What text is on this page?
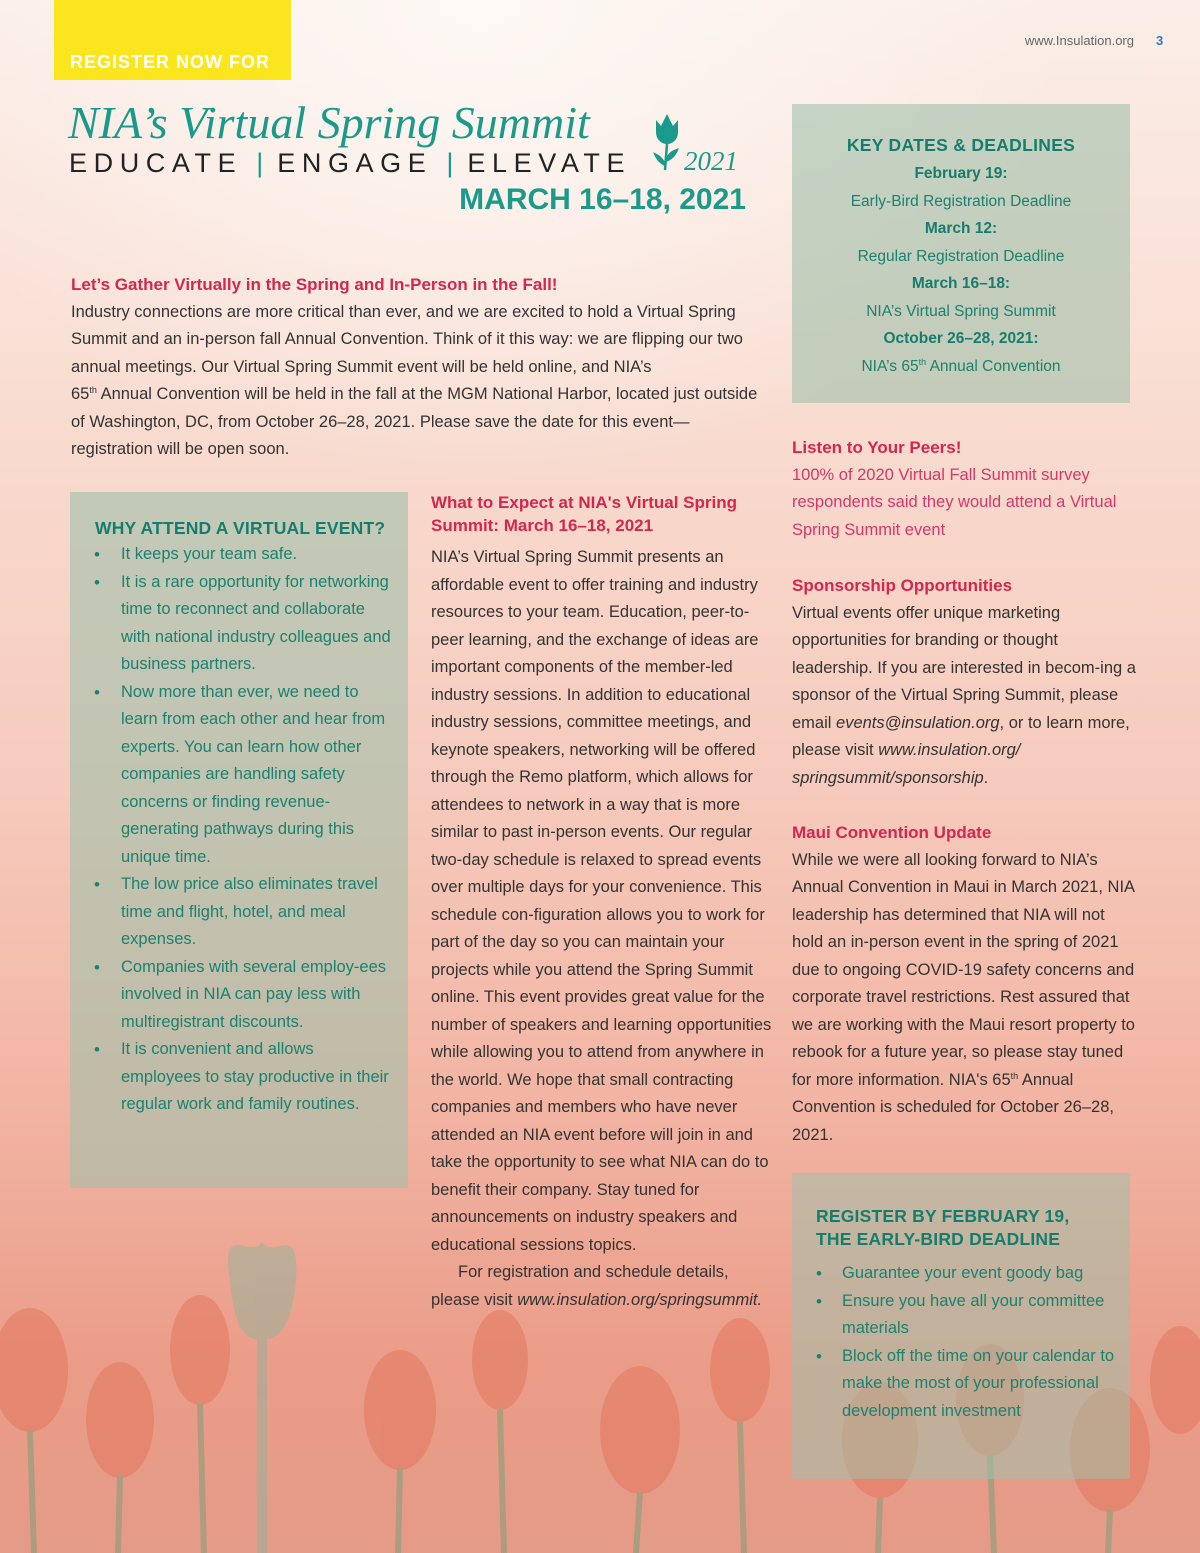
REGISTER NOW FOR
www.Insulation.org 3
NIA’s Virtual Spring Summit
EDUCATE | ENGAGE | ELEVATE 2021
MARCH 16–18, 2021
Let’s Gather Virtually in the Spring and In-Person in the Fall!
Industry connections are more critical than ever, and we are excited to hold a Virtual Spring Summit and an in-person fall Annual Convention. Think of it this way: we are flipping our two annual meetings. Our Virtual Spring Summit event will be held online, and NIA’s
65th Annual Convention will be held in the fall at the MGM National Harbor, located just outside of Washington, DC, from October 26–28, 2021. Please save the date for this event—registration will be open soon.
KEY DATES & DEADLINES
February 19:
Early-Bird Registration Deadline
March 12:
Regular Registration Deadline
March 16–18:
NIA’s Virtual Spring Summit
October 26–28, 2021:
NIA’s 65th Annual Convention
WHY ATTEND A VIRTUAL EVENT?
• It keeps your team safe.
• It is a rare opportunity for networking time to reconnect and collaborate with national industry colleagues and business partners.
• Now more than ever, we need to learn from each other and hear from experts. You can learn how other companies are handling safety concerns or finding revenue-generating pathways during this unique time.
• The low price also eliminates travel time and flight, hotel, and meal expenses.
• Companies with several employ-ees involved in NIA can pay less with multiregistrant discounts.
• It is convenient and allows employees to stay productive in their regular work and family routines.
What to Expect at NIA's Virtual Spring
Summit: March 16–18, 2021
NIA’s Virtual Spring Summit presents an affordable event to offer training and industry resources to your team. Education, peer-to-peer learning, and the exchange of ideas are important components of the member-led industry sessions. In addition to educational industry sessions, committee meetings, and keynote speakers, networking will be offered through the Remo platform, which allows for attendees to network in a way that is more similar to past in-person events. Our regular two-day schedule is relaxed to spread events over multiple days for your convenience. This schedule con-figuration allows you to work for part of the day so you can maintain your projects while you attend the Spring Summit online. This event provides great value for the number of speakers and learning opportunities while allowing you to attend from anywhere in the world. We hope that small contracting companies and members who have never attended an NIA event before will join in and take the opportunity to see what NIA can do to benefit their company. Stay tuned for announcements on industry speakers and educational sessions topics.
For registration and schedule details, please visit www.insulation.org/springsummit.
Listen to Your Peers!
100% of 2020 Virtual Fall Summit survey respondents said they would attend a Virtual Spring Summit event
Sponsorship Opportunities
Virtual events offer unique marketing opportunities for branding or thought leadership. If you are interested in becom-ing a sponsor of the Virtual Spring Summit, please email events@insulation.org, or to learn more, please visit www.insulation.org/ springsummit/sponsorship.
Maui Convention Update
While we were all looking forward to NIA’s Annual Convention in Maui in March 2021, NIA leadership has determined that NIA will not hold an in-person event in the spring of 2021 due to ongoing COVID-19 safety concerns and corporate travel restrictions. Rest assured that we are working with the Maui resort property to rebook for a future year, so please stay tuned for more information. NIA's 65th Annual Convention is scheduled for October 26–28, 2021.
REGISTER BY FEBRUARY 19,
THE EARLY-BIRD DEADLINE
• Guarantee your event goody bag
• Ensure you have all your committee materials
• Block off the time on your calendar to make the most of your professional development investment
